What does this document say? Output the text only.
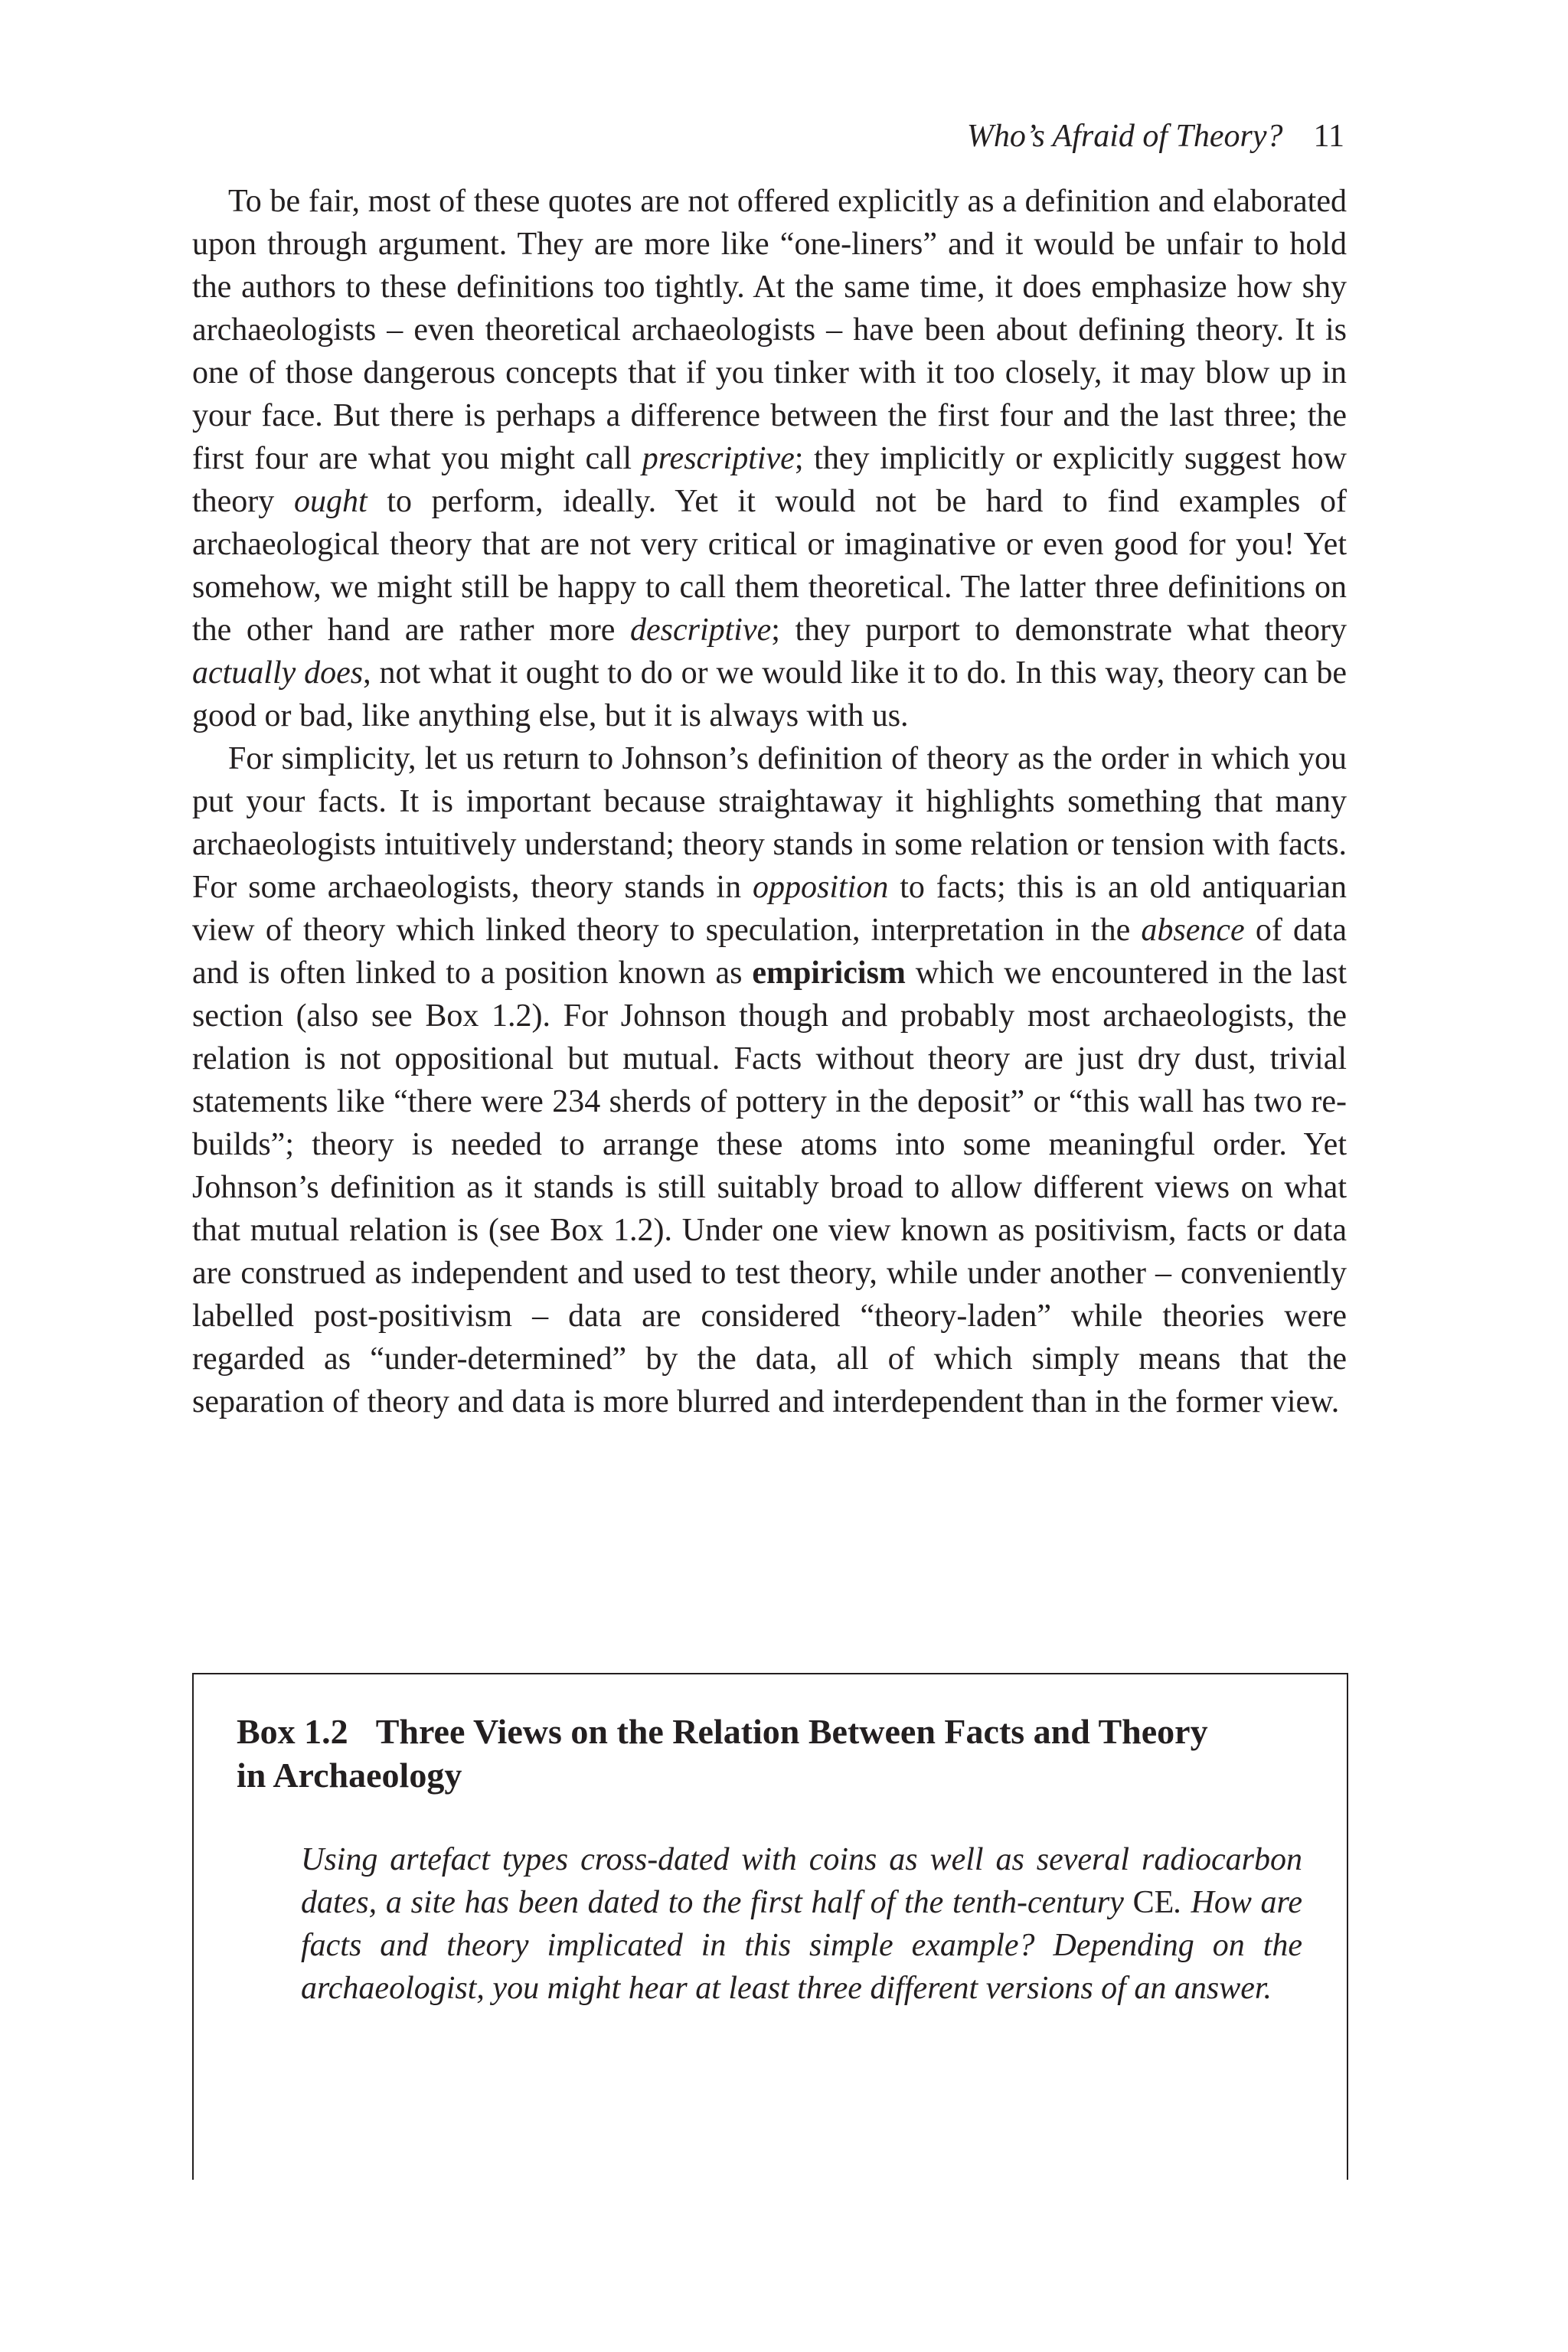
Who’s Afraid of Theory? 11

To be fair, most of these quotes are not offered explicitly as a definition and elaborated upon through argument. They are more like “one-liners” and it would be unfair to hold the authors to these definitions too tightly. At the same time, it does emphasize how shy archaeologists – even theoretical archaeologists – have been about defining theory. It is one of those dangerous concepts that if you tinker with it too closely, it may blow up in your face. But there is perhaps a difference between the first four and the last three; the first four are what you might call prescriptive; they implicitly or explicitly suggest how theory ought to perform, ideally. Yet it would not be hard to find examples of archaeological theory that are not very critical or imaginative or even good for you! Yet somehow, we might still be happy to call them theoretical. The latter three definitions on the other hand are rather more descriptive; they purport to demonstrate what theory actually does, not what it ought to do or we would like it to do. In this way, theory can be good or bad, like anything else, but it is always with us.

For simplicity, let us return to Johnson’s definition of theory as the order in which you put your facts. It is important because straightaway it highlights something that many archaeologists intuitively understand; theory stands in some relation or tension with facts. For some archaeologists, theory stands in opposition to facts; this is an old antiquarian view of theory which linked theory to speculation, interpretation in the absence of data and is often linked to a position known as empiricism which we encountered in the last section (also see Box 1.2). For Johnson though and probably most archaeologists, the relation is not oppositional but mutual. Facts without theory are just dry dust, trivial statements like “there were 234 sherds of pottery in the deposit” or “this wall has two re-builds”; theory is needed to arrange these atoms into some meaningful order. Yet Johnson’s definition as it stands is still suitably broad to allow different views on what that mutual relation is (see Box 1.2). Under one view known as positivism, facts or data are construed as independent and used to test theory, while under another – conveniently labelled post-positivism – data are considered “theory-laden” while theories were regarded as “under-determined” by the data, all of which simply means that the separation of theory and data is more blurred and interdependent than in the former view.

Box 1.2 Three Views on the Relation Between Facts and Theory in Archaeology

Using artefact types cross-dated with coins as well as several radiocarbon dates, a site has been dated to the first half of the tenth-century CE. How are facts and theory implicated in this simple example? Depending on the archaeologist, you might hear at least three different versions of an answer.
